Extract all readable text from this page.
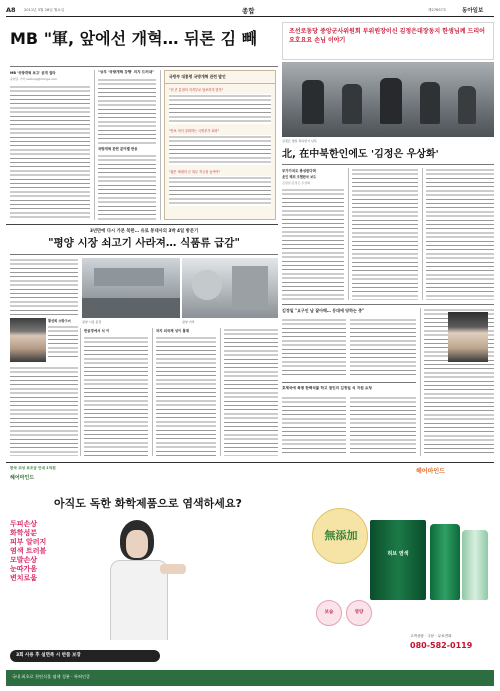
A8 2011년 3월 28일 월요일	종합	제27657호	동아일보
MB "軍, 앞에선 개혁… 뒤론 김 빼
MB '국방개혁 보고' 공개 질타
윤완준 기자 zeitung@donga.com
"상무 '국방개혁 강행' 의지 드러내"
국방개혁 관련 분야별 반응
국방부 대통령 국방개혁 관련 발언
"더 큰 분열의 지지부로 답보하지 말자"
"안보 의식 강화하는 국방부가 되라"
"젊은 세대의 군 복무 자긍심 높여야"
조선로동당 중앙군사위원회 부위원장이신 김정은대장동지 한생님께 드리어 요호요요 손님 이야기
김정은 생일 축하받기 남북
北, 在中북한인에도 '김정은 우상화'
부가가치도 충성한다며
北인 해외 조혈한국 보도
김정일·김정은 우상화
3년만에 다시 가본 북한… 유로 봉대사의 3박 4일 방문기
"평양 시장 쇠고기 사라져… 식품류 급감"
평양 시장 풍경	평양 거리
황선희 소방구씨
반공경에서 식 이	차지 외국제 성이 통재
김정일 "요구인 남 잘아해… 등대에 당하는 중"
호제국에 북평 한백석불 하고 점인의 김정일 식 지원 요청
한국 위성 보조금 안내 1억원
헤어마인드
헤어마인드
아직도 독한 화학제품으로 염색하세요?
두피손상
화학성분
피부 알러지
염색 트러블
모발손상
눈따가움
변치로웁
無添加
허브 염색
보습	영양
고객상담 · 주문 · 무료전화
080-582-0119
3회 사용 후 설면족 시 반품 보장
국내 최초로 천연식물 염색 성분 · 특허인증
